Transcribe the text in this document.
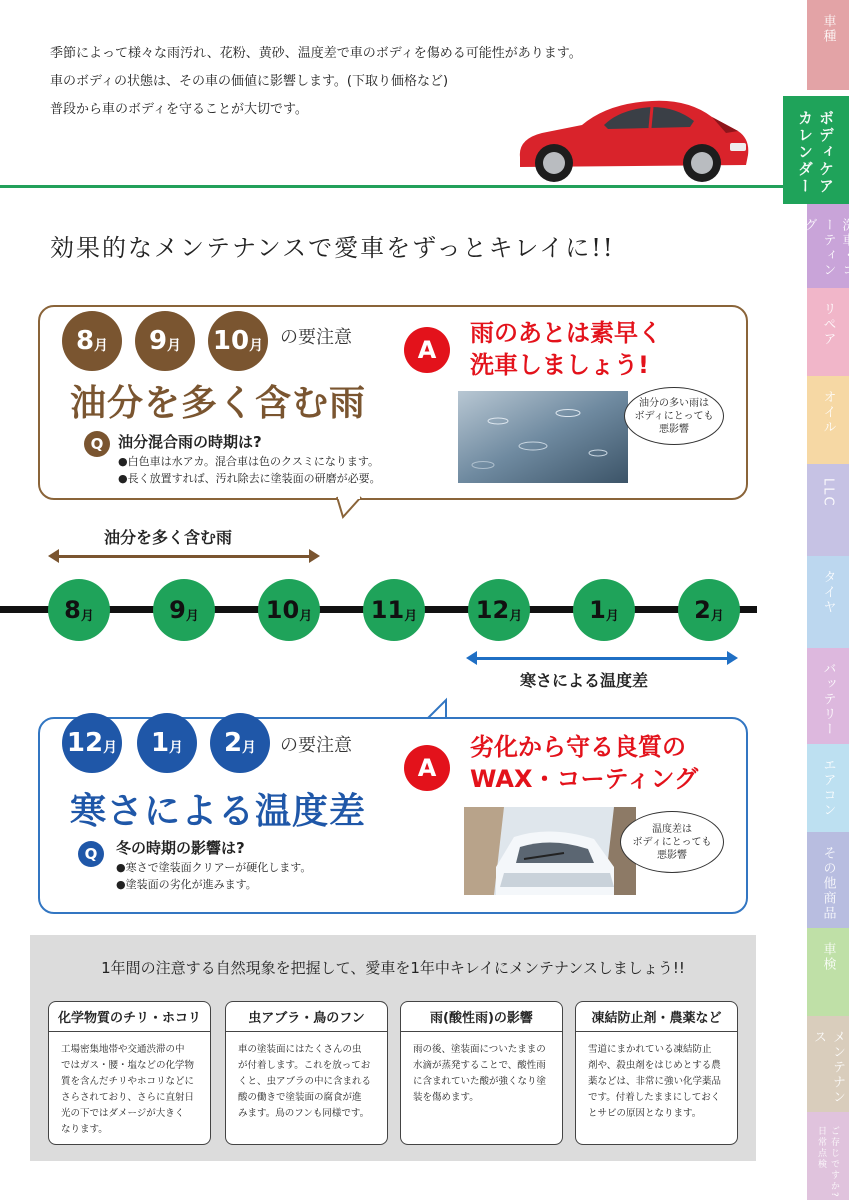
季節によって様々な雨汚れ、花粉、黄砂、温度差で車のボディを傷める可能性があります。

車のボディの状態は、その車の価値に影響します。(下取り価格など)

普段から車のボディを守ることが大切です。

効果的なメンテナンスで愛車をずっとキレイに!!
車種
ボディケア カレンダー
洗車・コーティング
リペア
オイル
LLC
タイヤ
バッテリー
エアコン
その他商品
車検
メンテナンス
ご存じですか? 日常点検
8 月 9 月 10 月 の要注意
油分を多く含む雨
Q 油分混合雨の時期は?
●白色車は水アカ。混合車は色のクスミになります。
●長く放置すれば、汚れ除去に塗装面の研磨が必要。
A
雨のあとは素早く
洗車しましょう!
油分の多い雨は
ボディにとっても
悪影響
油分を多く含む雨
8 月	9 月	10 月 11 月 12 月	1 月	2 月
寒さによる温度差
12 月 1 月 2 月 の要注意
寒さによる温度差
Q	冬の時期の影響は?
●寒さで塗装面クリアーが硬化します。
●塗装面の劣化が進みます。
A
劣化から守る良質の
WAX・コーティング
温度差は
ボディにとっても
悪影響
1年間の注意する自然現象を把握して、愛車を1年中キレイにメンテナンスしましょう!!
化学物質のチリ・ホコリ
工場密集地帯や交通渋滞の中
ではガス・腰・塩などの化学物
質を含んだチリやホコリなどに
さらされており、さらに直射日
光の下ではダメージが大きく
なります。
虫アブラ・鳥のフン
車の塗装面にはたくさんの虫
が付着します。これを放ってお
くと、虫アブラの中に含まれる
酸の働きで塗装面の腐食が進
みます。鳥のフンも同様です。
雨(酸性雨)の影響
雨の後、塗装面についたままの
水滴が蒸発することで、酸性雨
に含まれていた酸が強くなり塗
装を傷めます。
凍結防止剤・農薬など
雪道にまかれている凍結防止
剤や、殺虫剤をはじめとする農
薬などは、非常に強い化学薬品
です。付着したままにしておく
とサビの原因となります。
